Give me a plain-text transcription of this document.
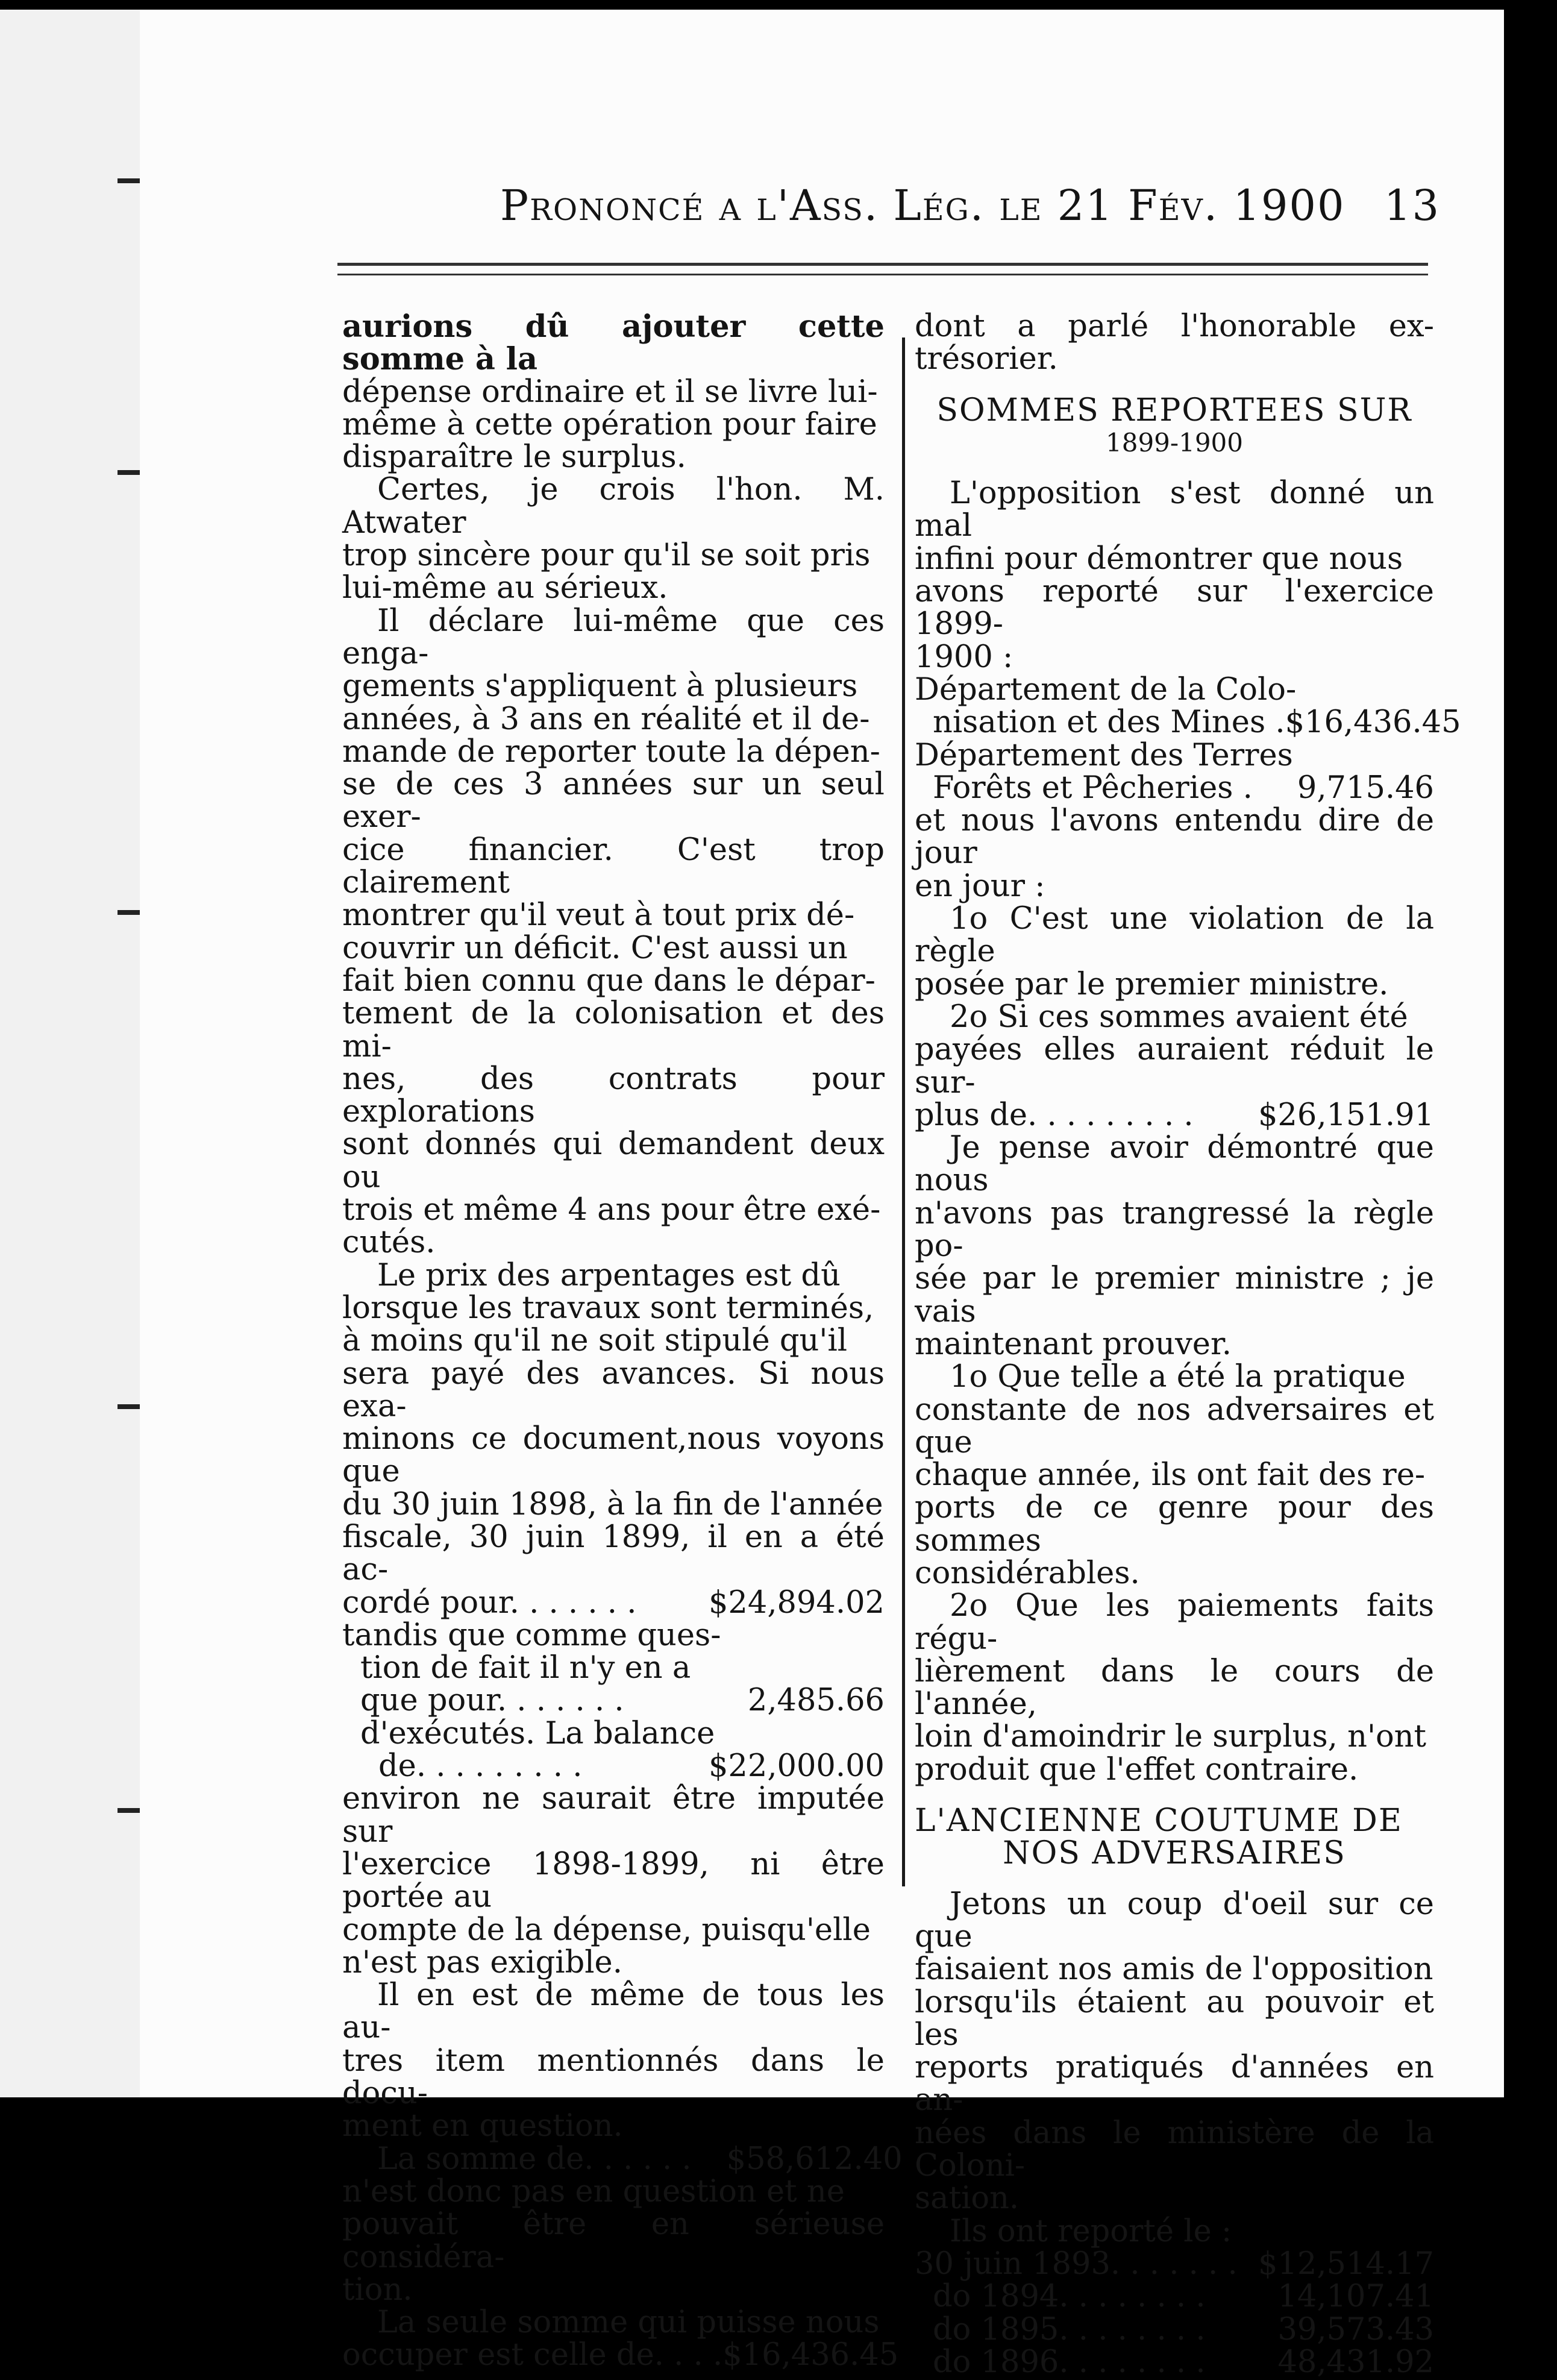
Prononcé a l'Ass. Lég. le 21 Fév. 1900 13
aurions dû ajouter cette somme à la
dépense ordinaire et il se livre lui-
même à cette opération pour faire
disparaître le surplus.
Certes, je crois l'hon. M. Atwater
trop sincère pour qu'il se soit pris
lui-même au sérieux.
Il déclare lui-même que ces enga-
gements s'appliquent à plusieurs
années, à 3 ans en réalité et il de-
mande de reporter toute la dépen-
se de ces 3 années sur un seul exer-
cice financier. C'est trop clairement
montrer qu'il veut à tout prix dé-
couvrir un déficit. C'est aussi un
fait bien connu que dans le dépar-
tement de la colonisation et des mi-
nes, des contrats pour explorations
sont donnés qui demandent deux ou
trois et même 4 ans pour être exé-
cutés.
Le prix des arpentages est dû
lorsque les travaux sont terminés,
à moins qu'il ne soit stipulé qu'il
sera payé des avances. Si nous exa-
minons ce document,nous voyons que
du 30 juin 1898, à la fin de l'année
fiscale, 30 juin 1899, il en a été ac-
cordé pour. . . . . . . $24,894.02
tandis que comme ques-
tion de fait il n'y en a
que pour. . . . . . .	2,485.66
d'exécutés. La balance
de. . . . . . . . .	$22,000.00
environ ne saurait être imputée sur
l'exercice 1898-1899, ni être portée au
compte de la dépense, puisqu'elle
n'est pas exigible.
Il en est de même de tous les au-
tres item mentionnés dans le docu-
ment en question.
La somme de. . . . . .	$58,612.40
n'est donc pas en question et ne
pouvait être en sérieuse considéra-
tion.
La seule somme qui puisse nous
occuper est celle de. . . . $16,436.45
dont a parlé l'honorable ex-trésorier.
SOMMES REPORTEES SUR
1899-1900
L'opposition s'est donné un mal
infini pour démontrer que nous
avons reporté sur l'exercice 1899-
1900 :
Département de la Colo-
nisation et des Mines . $16,436.45
Département des Terres
Forêts et Pêcheries . 9,715.46
et nous l'avons entendu dire de jour
en jour :
1o C'est une violation de la règle
posée par le premier ministre.
2o Si ces sommes avaient été
payées elles auraient réduit le sur-
plus de. . . . . . . . . $26,151.91
Je pense avoir démontré que nous
n'avons pas trangressé la règle po-
sée par le premier ministre ; je vais
maintenant prouver.
1o Que telle a été la pratique
constante de nos adversaires et que
chaque année, ils ont fait des re-
ports de ce genre pour des sommes
considérables.
2o Que les paiements faits régu-
lièrement dans le cours de l'année,
loin d'amoindrir le surplus, n'ont
produit que l'effet contraire.
L'ANCIENNE COUTUME DE
NOS ADVERSAIRES
Jetons un coup d'oeil sur ce que
faisaient nos amis de l'opposition
lorsqu'ils étaient au pouvoir et les
reports pratiqués d'années en an-
nées dans le ministère de la Coloni-
sation.
Ils ont reporté le :
30 juin 1893. . . . . . . $12,514.17
do 1894. . . . . . . . 14,107.41
do 1895. . . . . . . . 39,573.43
do 1896. . . . . . . . 48,431.92
